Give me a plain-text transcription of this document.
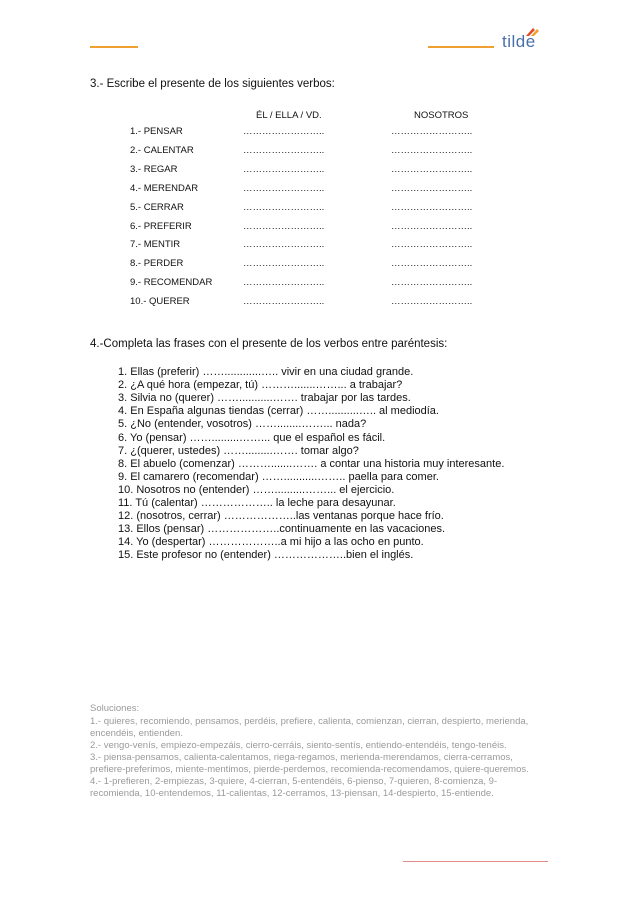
tilde
3.- Escribe el presente de los siguientes verbos:
ÉL / ELLA / VD.	NOSOTROS
1.- PENSAR	……………………..	……………………..
2.- CALENTAR	……………………..	……………………..
3.- REGAR	……………………..	……………………..
4.- MERENDAR	……………………..	……………………..
5.- CERRAR	……………………..	……………………..
6.- PREFERIR	……………………..	……………………..
7.- MENTIR	……………………..	……………………..
8.- PERDER	……………………..	……………………..
9.- RECOMENDAR	……………………..	……………………..
10.- QUERER	……………………..	……………………..
4.-Completa las frases con el presente de los verbos entre paréntesis:
1. Ellas (preferir) ……............….. vivir en una ciudad grande.
2. ¿A qué hora (empezar, tú) ……….......……... a trabajar?
3. Silvia no (querer) ……...........……. trabajar por las tardes.
4. En España algunas tiendas (cerrar) ……..........….. al mediodía.
5. ¿No (entender, vosotros) ……........……... nada?
6. Yo (pensar) …….........……... que el español es fácil.
7. ¿(querer, ustedes) …….........……. tomar algo?
8. El abuelo (comenzar) ……….......……. a contar una historia muy interesante.
9. El camarero (recomendar) ……...........…….. paella para comer.
10. Nosotros no (entender) ……..........……... el ejercicio.
11. Tú (calentar) ……………….. la leche para desayunar.
12. (nosotros, cerrar) ………………..las ventanas porque hace frío.
13. Ellos (pensar) ………………..continuamente en las vacaciones.
14. Yo (despertar) ………………..a mi hijo a las ocho en punto.
15. Este profesor no (entender) ………………..bien el inglés.
Soluciones:
1.- quieres, recomiendo, pensamos, perdéis, prefiere, calienta, comienzan, cierran, despierto, merienda,
encendéis, entienden.
2.- vengo-venís, empiezo-empezáis, cierro-cerráis, siento-sentís, entiendo-entendéis, tengo-tenéis.
3.- piensa-pensamos, calienta-calentamos, riega-regamos, merienda-merendamos, cierra-cerramos,
prefiere-preferimos, miente-mentimos, pierde-perdemos, recomienda-recomendamos, quiere-queremos.
4.- 1-prefieren, 2-empiezas, 3-quiere, 4-cierran, 5-entendéis, 6-pienso, 7-quieren, 8-comienza, 9-
recomienda, 10-entendemos, 11-calientas, 12-cerramos, 13-piensan, 14-despierto, 15-entiende.
